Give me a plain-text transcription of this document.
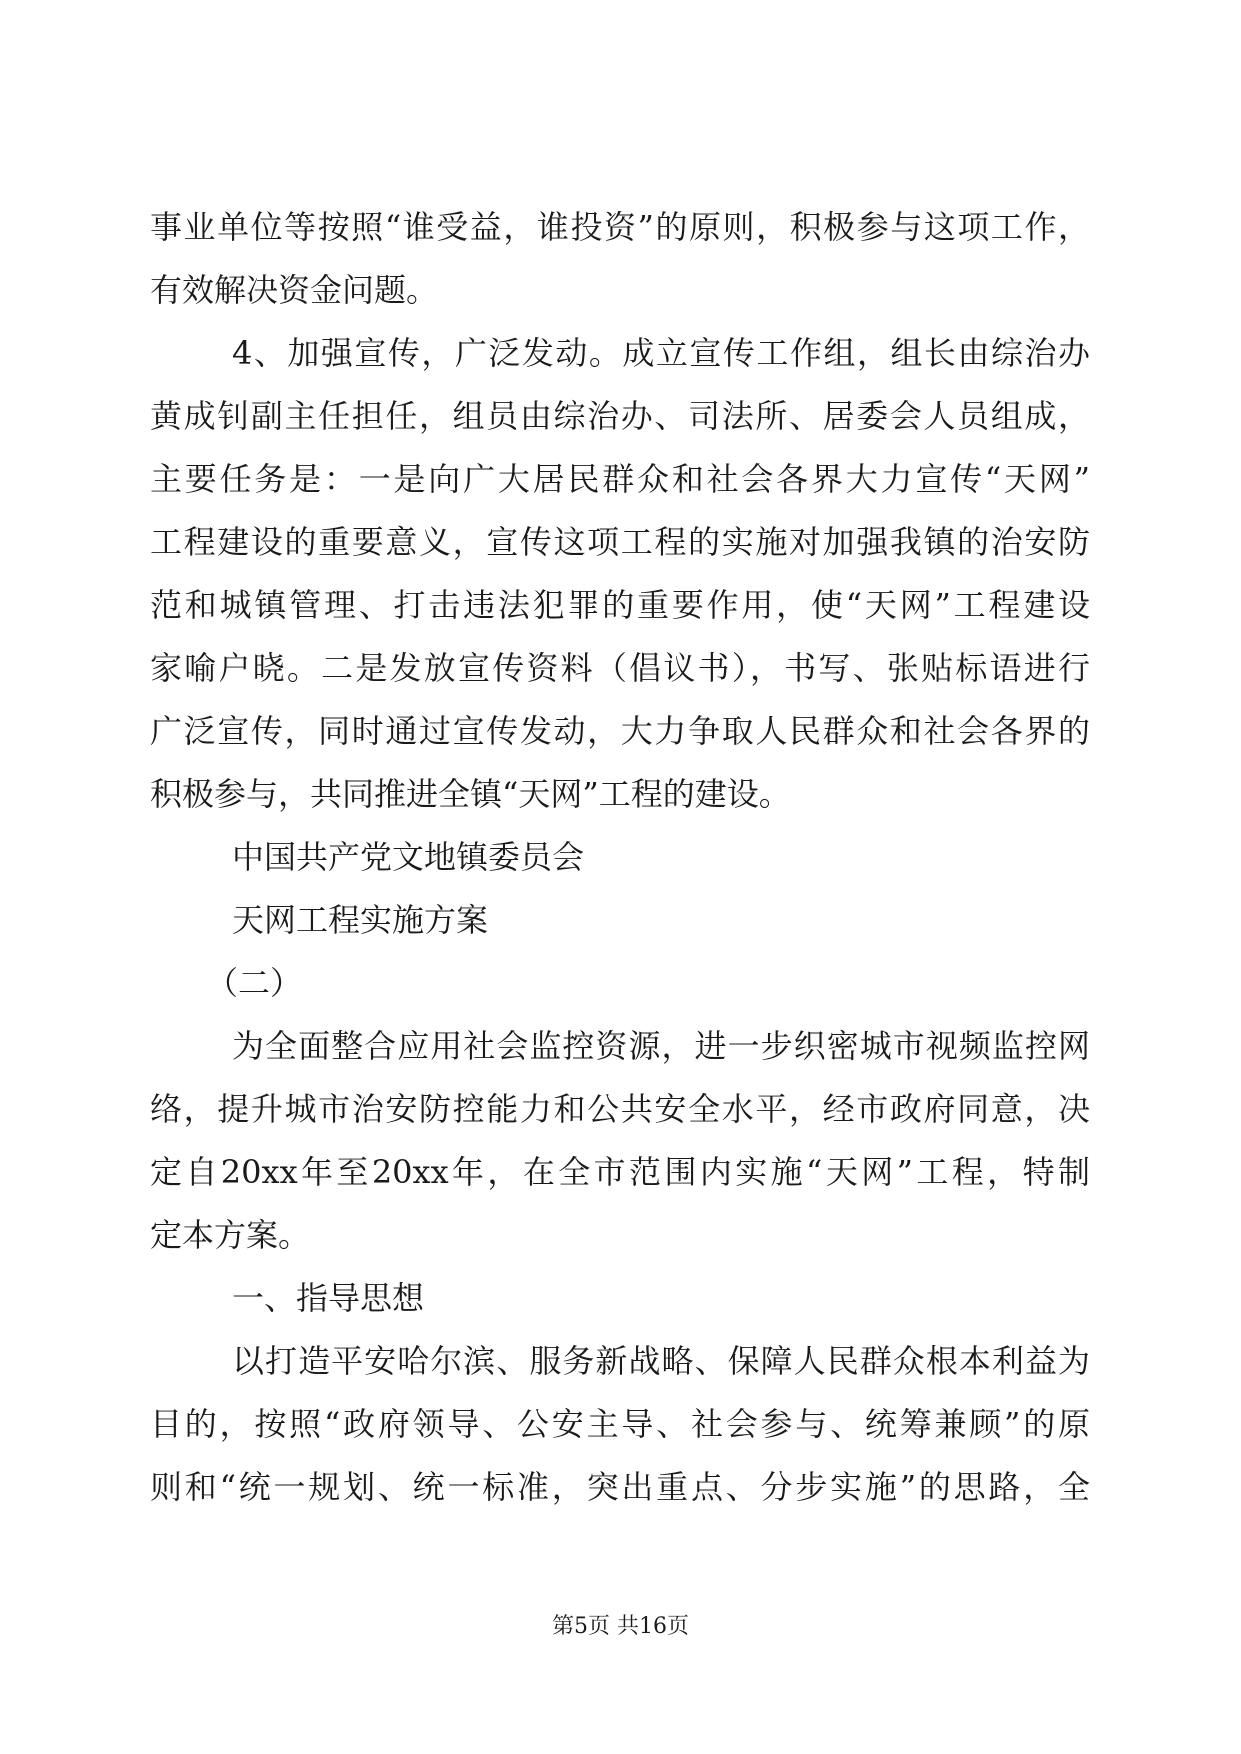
事业单位等按照“谁受益，谁投资”的原则，积极参与这项工作，
有效解决资金问题。
4、加强宣传，广泛发动。成立宣传工作组，组长由综治办
黄成钊副主任担任，组员由综治办、司法所、居委会人员组成，
主要任务是：一是向广大居民群众和社会各界大力宣传“天网”
工程建设的重要意义，宣传这项工程的实施对加强我镇的治安防
范和城镇管理、打击违法犯罪的重要作用，使“天网”工程建设
家喻户晓。二是发放宣传资料（倡议书），书写、张贴标语进行
广泛宣传，同时通过宣传发动，大力争取人民群众和社会各界的
积极参与，共同推进全镇“天网”工程的建设。
中国共产党文地镇委员会
天网工程实施方案
（二）
为全面整合应用社会监控资源，进一步织密城市视频监控网
络，提升城市治安防控能力和公共安全水平，经市政府同意，决
定自20xx年至20xx年，在全市范围内实施“天网”工程，特制
定本方案。
一、指导思想
以打造平安哈尔滨、服务新战略、保障人民群众根本利益为
目的，按照“政府领导、公安主导、社会参与、统筹兼顾”的原
则和“统一规划、统一标准，突出重点、分步实施”的思路，全
第5页 共16页
